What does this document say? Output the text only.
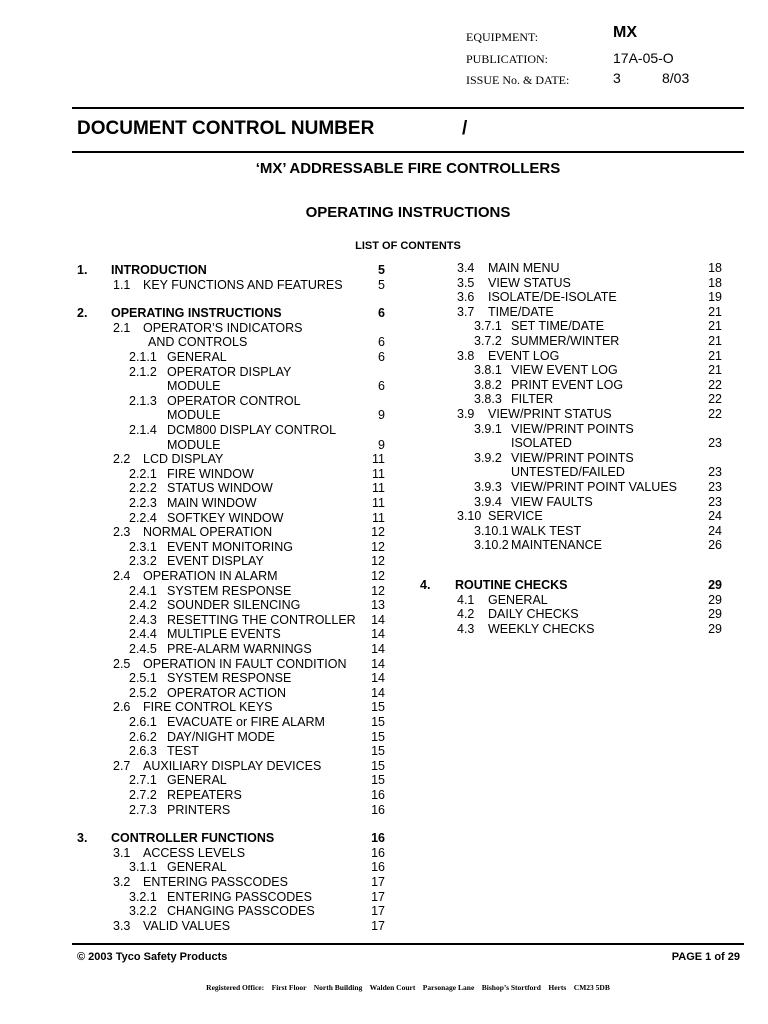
EQUIPMENT:	MX
PUBLICATION:	17A-05-O
ISSUE No. & DATE:	3	8/03
DOCUMENT CONTROL NUMBER	/
‘MX’ ADDRESSABLE FIRE CONTROLLERS
OPERATING INSTRUCTIONS
LIST OF CONTENTS
1. INTRODUCTION	5
1.1 KEY FUNCTIONS AND FEATURES	5
2. OPERATING INSTRUCTIONS	6
2.1 OPERATOR’S INDICATORS
AND CONTROLS	6
2.1.1 GENERAL	6
2.1.2 OPERATOR DISPLAY
MODULE	6
2.1.3 OPERATOR CONTROL
MODULE	9
2.1.4 DCM800 DISPLAY CONTROL
MODULE	9
2.2 LCD DISPLAY	11
2.2.1 FIRE WINDOW	11
2.2.2 STATUS WINDOW	11
2.2.3 MAIN WINDOW	11
2.2.4 SOFTKEY WINDOW	11
2.3 NORMAL OPERATION	12
2.3.1 EVENT MONITORING	12
2.3.2 EVENT DISPLAY	12
2.4 OPERATION IN ALARM	12
2.4.1 SYSTEM RESPONSE	12
2.4.2 SOUNDER SILENCING	13
2.4.3 RESETTING THE CONTROLLER	14
2.4.4 MULTIPLE EVENTS	14
2.4.5 PRE-ALARM WARNINGS	14
2.5 OPERATION IN FAULT CONDITION	14
2.5.1 SYSTEM RESPONSE	14
2.5.2 OPERATOR ACTION	14
2.6 FIRE CONTROL KEYS	15
2.6.1 EVACUATE or FIRE ALARM	15
2.6.2 DAY/NIGHT MODE	15
2.6.3 TEST	15
2.7 AUXILIARY DISPLAY DEVICES	15
2.7.1 GENERAL	15
2.7.2 REPEATERS	16
2.7.3 PRINTERS	16
3. CONTROLLER FUNCTIONS	16
3.1 ACCESS LEVELS	16
3.1.1 GENERAL	16
3.2 ENTERING PASSCODES	17
3.2.1 ENTERING PASSCODES	17
3.2.2 CHANGING PASSCODES	17
3.3 VALID VALUES	17
3.4 MAIN MENU	18
3.5 VIEW STATUS	18
3.6 ISOLATE/DE-ISOLATE	19
3.7 TIME/DATE	21
3.7.1 SET TIME/DATE	21
3.7.2 SUMMER/WINTER	21
3.8 EVENT LOG	21
3.8.1 VIEW EVENT LOG	21
3.8.2 PRINT EVENT LOG	22
3.8.3 FILTER	22
3.9 VIEW/PRINT STATUS	22
3.9.1 VIEW/PRINT POINTS
ISOLATED	23
3.9.2 VIEW/PRINT POINTS
UNTESTED/FAILED	23
3.9.3 VIEW/PRINT POINT VALUES	23
3.9.4 VIEW FAULTS	23
3.10 SERVICE	24
3.10.1 WALK TEST	24
3.10.2 MAINTENANCE	26
4. ROUTINE CHECKS	29
4.1 GENERAL	29
4.2 DAILY CHECKS	29
4.3 WEEKLY CHECKS	29
© 2003 Tyco Safety Products	PAGE 1 of 29
Registered Office:    First Floor    North Building    Walden Court    Parsonage Lane    Bishop’s Stortford    Herts    CM23 5DB
